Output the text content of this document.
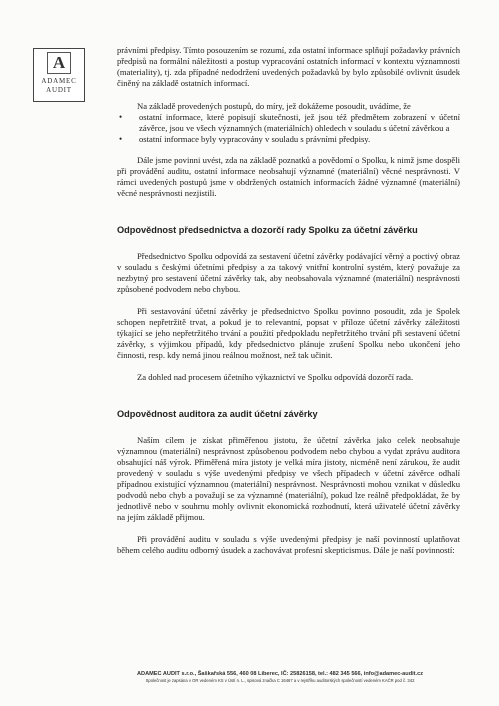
A
ADAMEC
AUDIT

právními předpisy. Tímto posouzením se rozumí, zda ostatní informace splňují požadavky právních předpisů na formální náležitosti a postup vypracování ostatních informací v kontextu významnosti (materiality), tj. zda případné nedodržení uvedených požadavků by bylo způsobilé ovlivnit úsudek činěný na základě ostatních informací.

Na základě provedených postupů, do míry, jež dokážeme posoudit, uvádíme, že

• ostatní informace, které popisují skutečnosti, jež jsou též předmětem zobrazení v účetní závěrce, jsou ve všech významných (materiálních) ohledech v souladu s účetní závěrkou a
• ostatní informace byly vypracovány v souladu s právními předpisy.

Dále jsme povinni uvést, zda na základě poznatků a povědomí o Spolku, k nimž jsme dospěli při provádění auditu, ostatní informace neobsahují významné (materiální) věcné nesprávnosti. V rámci uvedených postupů jsme v obdržených ostatních informacích žádné významné (materiální) věcné nesprávnosti nezjistili.

Odpovědnost předsednictva a dozorčí rady Spolku za účetní závěrku

Předsednictvo Spolku odpovídá za sestavení účetní závěrky podávající věrný a poctivý obraz v souladu s českými účetními předpisy a za takový vnitřní kontrolní systém, který považuje za nezbytný pro sestavení účetní závěrky tak, aby neobsahovala významné (materiální) nesprávnosti způsobené podvodem nebo chybou.

Při sestavování účetní závěrky je předsednictvo Spolku povinno posoudit, zda je Spolek schopen nepřetržitě trvat, a pokud je to relevantní, popsat v příloze účetní závěrky záležitosti týkající se jeho nepřetržitého trvání a použití předpokladu nepřetržitého trvání při sestavení účetní závěrky, s výjimkou případů, kdy předsednictvo plánuje zrušení Spolku nebo ukončení jeho činnosti, resp. kdy nemá jinou reálnou možnost, než tak učinit.

Za dohled nad procesem účetního výkaznictví ve Spolku odpovídá dozorčí rada.

Odpovědnost auditora za audit účetní závěrky

Naším cílem je získat přiměřenou jistotu, že účetní závěrka jako celek neobsahuje významnou (materiální) nesprávnost způsobenou podvodem nebo chybou a vydat zprávu auditora obsahující náš výrok. Přiměřená míra jistoty je velká míra jistoty, nicméně není zárukou, že audit provedený v souladu s výše uvedenými předpisy ve všech případech v účetní závěrce odhalí případnou existující významnou (materiální) nesprávnost. Nesprávnosti mohou vznikat v důsledku podvodů nebo chyb a považují se za významné (materiální), pokud lze reálně předpokládat, že by jednotlivě nebo v souhrnu mohly ovlivnit ekonomická rozhodnutí, která uživatelé účetní závěrky na jejím základě přijmou.

Při provádění auditu v souladu s výše uvedenými předpisy je naší povinností uplatňovat během celého auditu odborný úsudek a zachovávat profesní skepticismus. Dále je naší povinností:

ADAMEC AUDIT s.r.o., Šaškařská 556, 460 08 Liberec, IČ: 25826158, tel.: 482 345 566, info@adamec-audit.cz
Společnost je zapsána v OR vedeném KS v Ústí n. L., spisová značka C 16467 a v rejstříku auditorských společností vedeném KAČR pod č. 342
